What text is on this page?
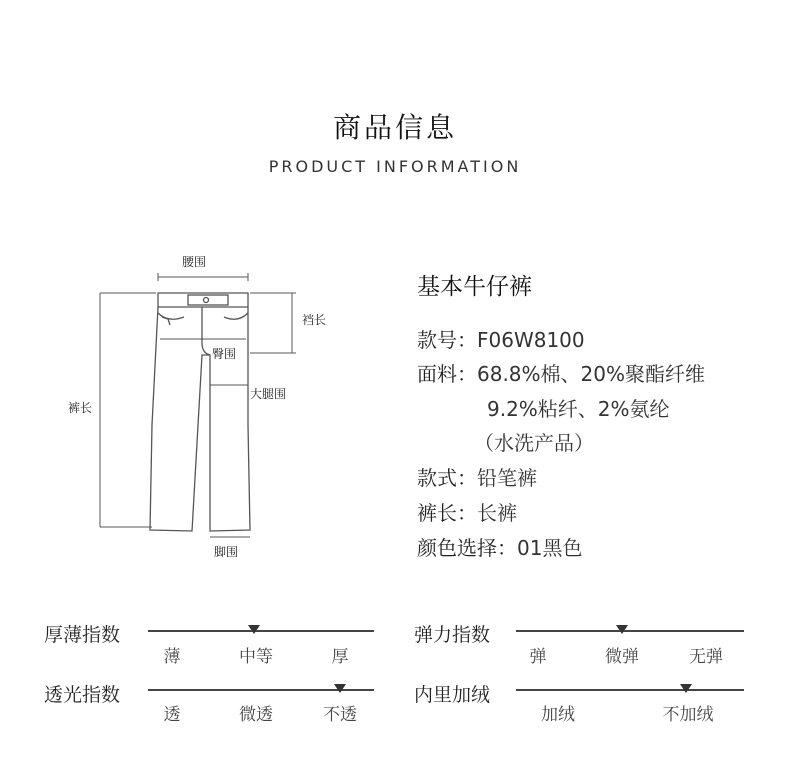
商品信息
PRODUCT INFORMATION
腰围
裆长
臀围
大腿围
裤长
脚围
基本牛仔裤
款号：F06W8100
面料：68.8%棉、20%聚酯纤维
9.2%粘纤、2%氨纶
（水洗产品）
款式：铅笔裤
裤长：长裤
颜色选择：01黑色
厚薄指数
薄	中等	厚
弹力指数
弹	微弹	无弹
透光指数
透	微透	不透
内里加绒
加绒	不加绒
